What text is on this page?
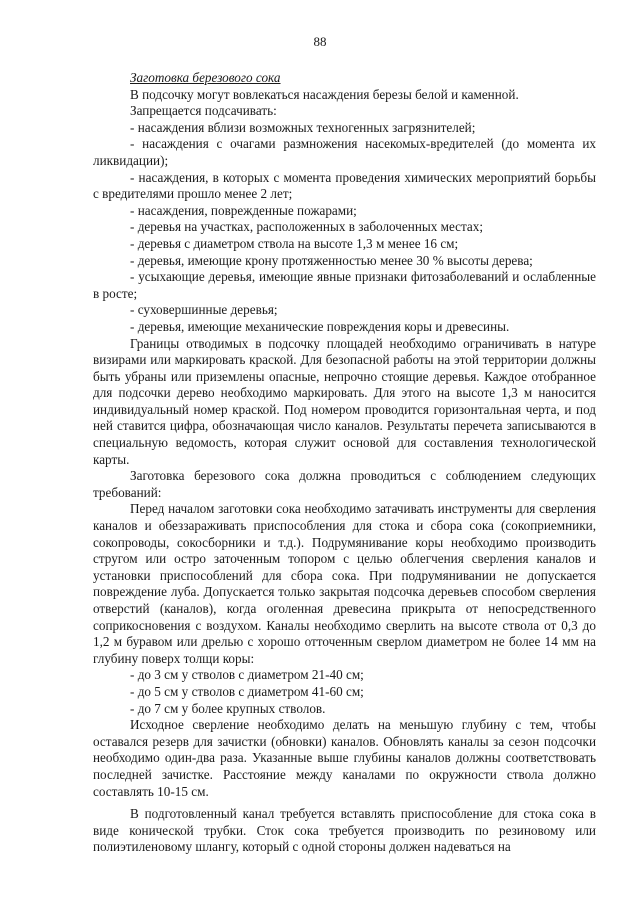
88

Заготовка березового сока

В подсочку могут вовлекаться насаждения березы белой и каменной.

Запрещается подсачивать:

- насаждения вблизи возможных техногенных загрязнителей;

- насаждения с очагами размножения насекомых-вредителей (до момента их ликвидации);

- насаждения, в которых с момента проведения химических мероприятий борьбы с вредителями прошло менее 2 лет;

- насаждения, поврежденные пожарами;

- деревья на участках, расположенных в заболоченных местах;

- деревья с диаметром ствола на высоте 1,3 м менее 16 см;

- деревья, имеющие крону протяженностью менее 30 % высоты дерева;

- усыхающие деревья, имеющие явные признаки фитозаболеваний и ослабленные в росте;

- суховершинные деревья;

- деревья, имеющие механические повреждения коры и древесины.

Границы отводимых в подсочку площадей необходимо ограничивать в натуре визирами или маркировать краской. Для безопасной работы на этой территории должны быть убраны или приземлены опасные, непрочно стоящие деревья. Каждое отобранное для подсочки дерево необходимо маркировать. Для этого на высоте 1,3 м наносится индивидуальный номер краской. Под номером проводится горизонтальная черта, и под ней ставится цифра, обозначающая число каналов. Результаты перечета записываются в специальную ведомость, которая служит основой для составления технологической карты.

Заготовка березового сока должна проводиться с соблюдением следующих требований:

Перед началом заготовки сока необходимо затачивать инструменты для сверления каналов и обеззараживать приспособления для стока и сбора сока (сокоприемники, сокопроводы, сокосборники и т.д.). Подрумянивание коры необходимо производить стругом или остро заточенным топором с целью облегчения сверления каналов и установки приспособлений для сбора сока. При подрумянивании не допускается повреждение луба. Допускается только закрытая подсочка деревьев способом сверления отверстий (каналов), когда оголенная древесина прикрыта от непосредственного соприкосновения с воздухом. Каналы необходимо сверлить на высоте ствола от 0,3 до 1,2 м буравом или дрелью с хорошо отточенным сверлом диаметром не более 14 мм на глубину поверх толщи коры:

- до 3 см у стволов с диаметром 21-40 см;

- до 5 см у стволов с диаметром 41-60 см;

- до 7 см у более крупных стволов.

Исходное сверление необходимо делать на меньшую глубину с тем, чтобы оставался резерв для зачистки (обновки) каналов. Обновлять каналы за сезон подсочки необходимо один-два раза. Указанные выше глубины каналов должны соответствовать последней зачистке. Расстояние между каналами по окружности ствола должно составлять 10-15 см.

В подготовленный канал требуется вставлять приспособление для стока сока в виде конической трубки. Сток сока требуется производить по резиновому или полиэтиленовому шлангу, который с одной стороны должен надеваться на
